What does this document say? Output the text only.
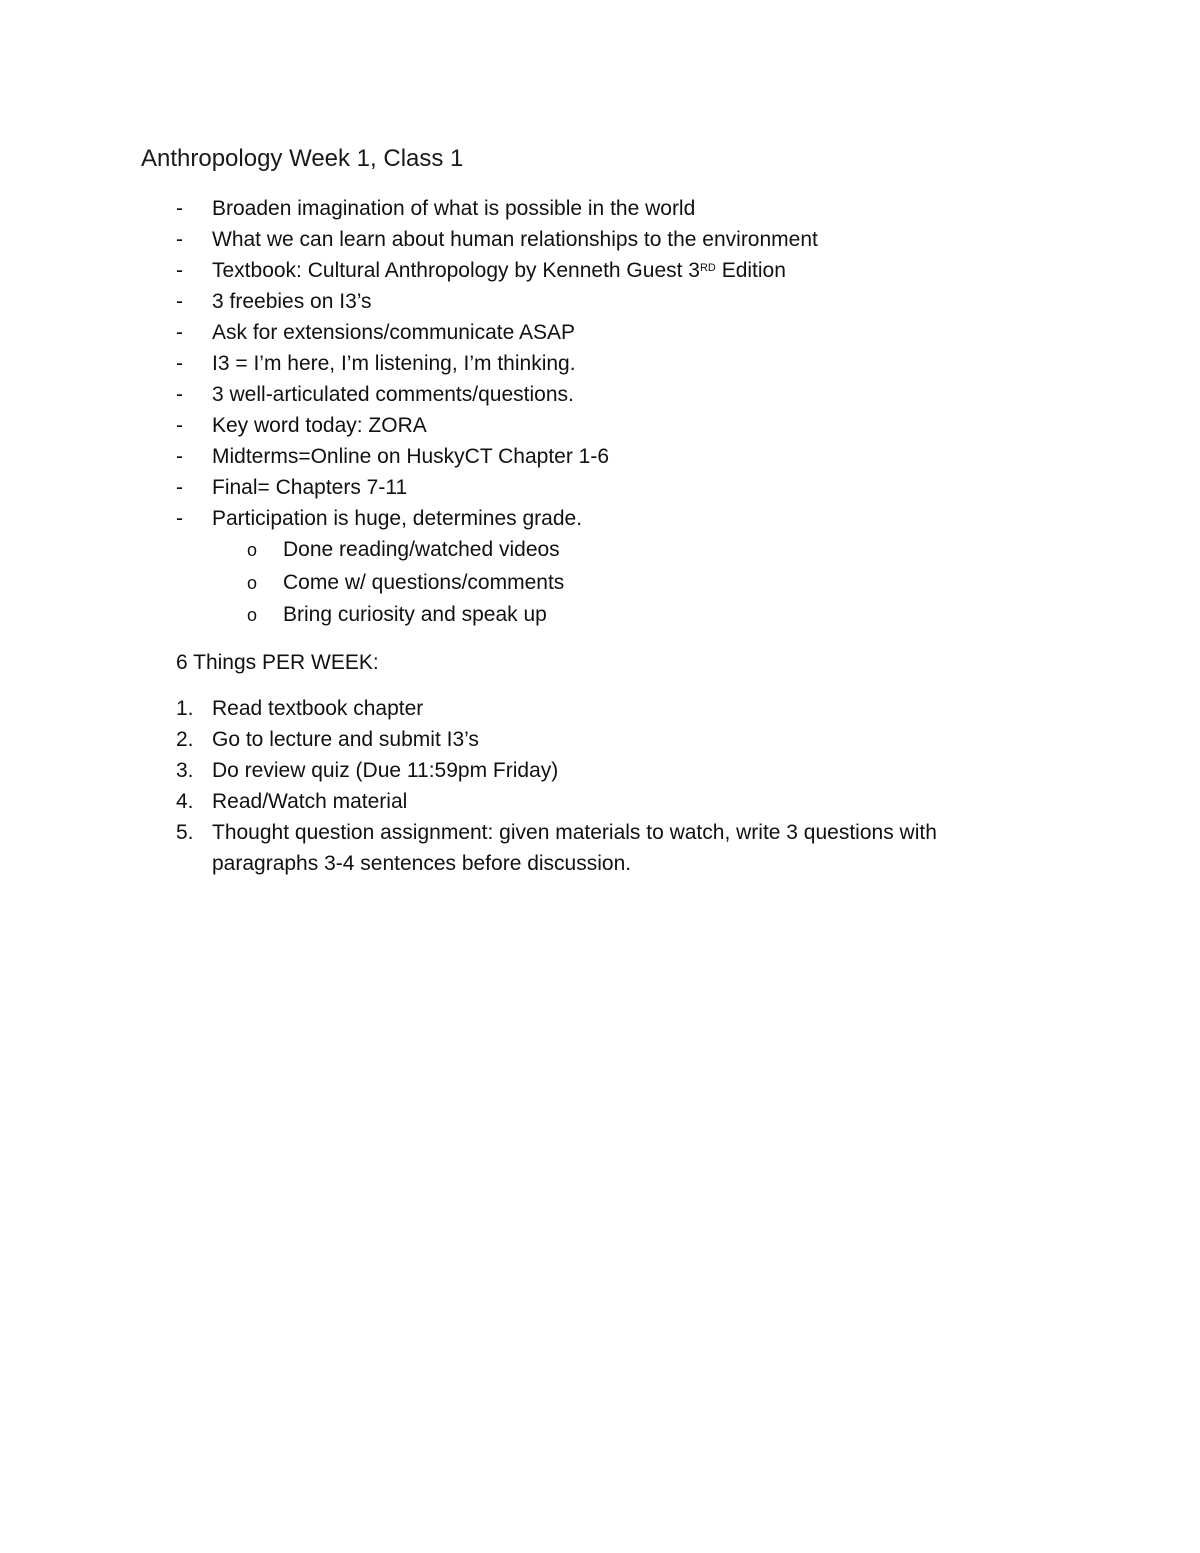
Anthropology Week 1, Class 1
- Broaden imagination of what is possible in the world
- What we can learn about human relationships to the environment
- Textbook: Cultural Anthropology by Kenneth Guest 3RD Edition
- 3 freebies on I3’s
- Ask for extensions/communicate ASAP
- I3 = I’m here, I’m listening, I’m thinking.
- 3 well-articulated comments/questions.
- Key word today: ZORA
- Midterms=Online on HuskyCT Chapter 1-6
- Final= Chapters 7-11
- Participation is huge, determines grade.
o Done reading/watched videos
o Come w/ questions/comments
o Bring curiosity and speak up
6 Things PER WEEK:
1. Read textbook chapter
2. Go to lecture and submit I3’s
3. Do review quiz (Due 11:59pm Friday)
4. Read/Watch material
5. Thought question assignment: given materials to watch, write 3 questions with paragraphs 3-4 sentences before discussion.
